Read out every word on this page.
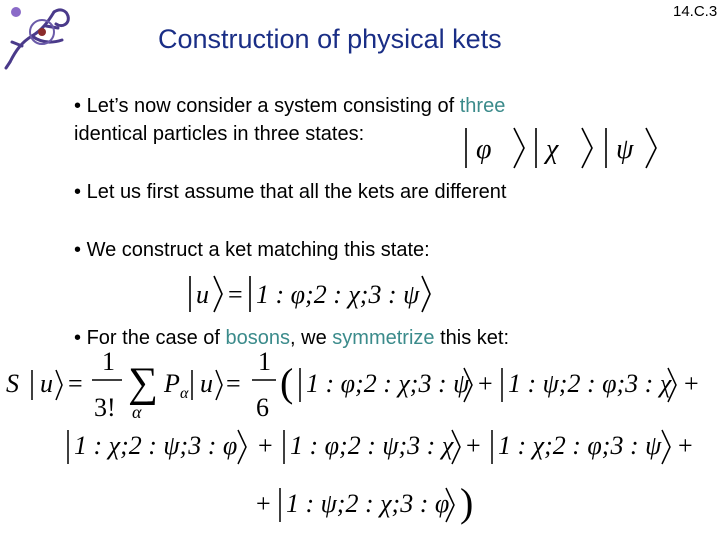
14.C.3
Construction of physical kets
• Let’s now consider a system consisting of three
identical particles in three states:	φ χ ψ
• Let us first assume that all the kets are different
• We construct a ket matching this state:
u = 1 : φ;2 : χ;3 : ψ
• For the case of bosons, we symmetrize this ket:
S u =
1
3!
∑
α
P α u =
1
6
( 1 : φ;2 : χ;3 : ψ + 1 : ψ;2 : φ;3 : χ +
1 : χ;2 : ψ;3 : φ + 1 : φ;2 : ψ;3 : χ + 1 : χ;2 : φ;3 : ψ +
+ 1 : ψ;2 : χ;3 : φ )
